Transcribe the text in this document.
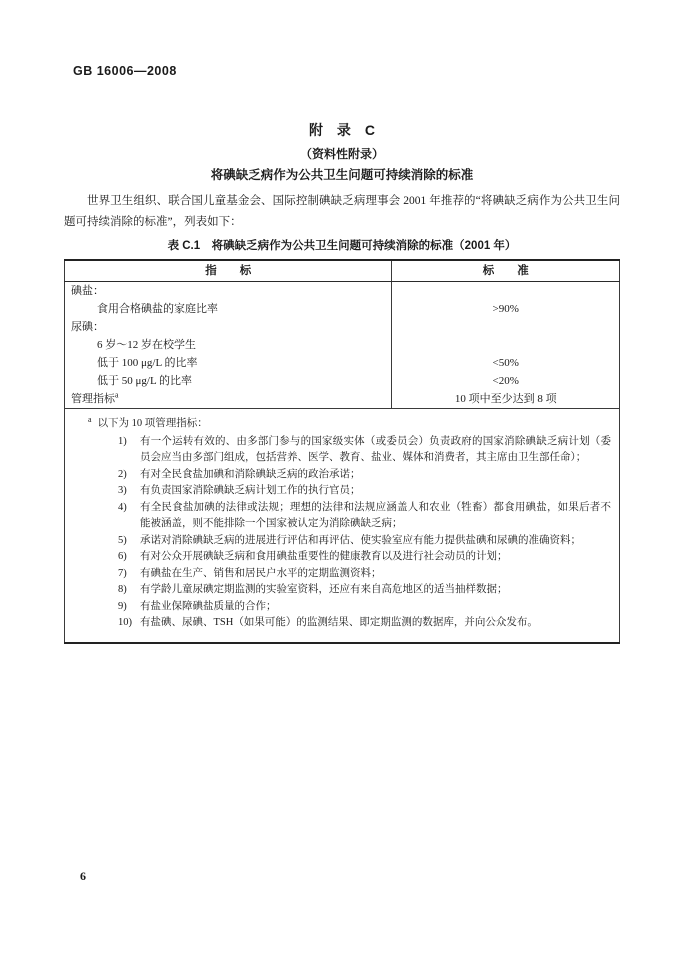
GB 16006—2008
附　录　C
（资料性附录）
将碘缺乏病作为公共卫生问题可持续消除的标准

世界卫生组织、联合国儿童基金会、国际控制碘缺乏病理事会 2001 年推荐的“将碘缺乏病作为公共卫生问题可持续消除的标准”，列表如下：

表 C.1　将碘缺乏病作为公共卫生问题可持续消除的标准（2001 年）
指　　标	标　　准
碘盐：	
食用合格碘盐的家庭比率	>90%
尿碘：	
6 岁～12 岁在校学生	
低于 100 μg/L 的比率	<50%
低于 50 μg/L 的比率	<20%
管理指标$^a$	10 项中至少达到 8 项

$^a$ 以下为 10 项管理指标：
1)	有一个运转有效的、由多部门参与的国家级实体（或委员会）负责政府的国家消除碘缺乏病计划（委员会应当由多部门组成，包括营养、医学、教育、盐业、媒体和消费者，其主席由卫生部任命）；
2)	有对全民食盐加碘和消除碘缺乏病的政治承诺；
3)	有负责国家消除碘缺乏病计划工作的执行官员；
4)	有全民食盐加碘的法律或法规；理想的法律和法规应涵盖人和农业（牲畜）都食用碘盐，如果后者不能被涵盖，则不能排除一个国家被认定为消除碘缺乏病；
5)	承诺对消除碘缺乏病的进展进行评估和再评估、使实验室应有能力提供盐碘和尿碘的准确资料；
6)	有对公众开展碘缺乏病和食用碘盐重要性的健康教育以及进行社会动员的计划；
7)	有碘盐在生产、销售和居民户水平的定期监测资料；
8)	有学龄儿童尿碘定期监测的实验室资料，还应有来自高危地区的适当抽样数据；
9)	有盐业保障碘盐质量的合作；
10) 有盐碘、尿碘、TSH（如果可能）的监测结果、即定期监测的数据库，并向公众发布。
6
